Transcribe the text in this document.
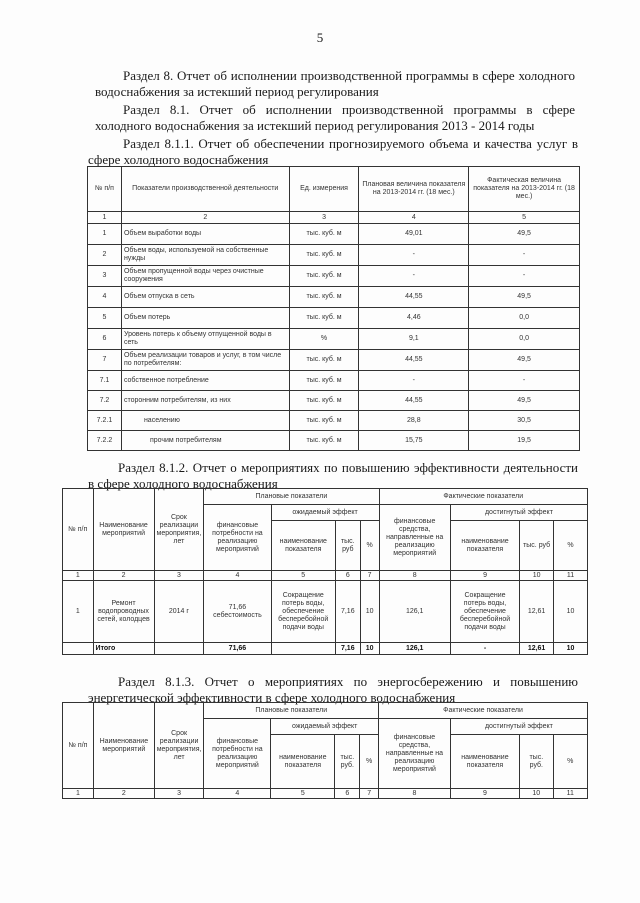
5

Раздел 8. Отчет об исполнении производственной программы в сфере холодного водоснабжения за истекший период регулирования

Раздел 8.1. Отчет об исполнении производственной программы в сфере холодного водоснабжения за истекший период регулирования 2013 - 2014 годы

Раздел 8.1.1. Отчет об обеспечении прогнозируемого объема и качества услуг в сфере холодного водоснабжения

№ п/п	Показатели производственной деятельности	Ед. измерения	Плановая величина показателя на 2013-2014 гг. (18 мес.)	Фактическая величина показателя на 2013-2014 гг. (18 мес.)
1	2	3	4	5
1	Объем выработки воды	тыс. куб. м	49,01	49,5
2	Объем воды, используемой на собственные нужды	тыс. куб. м	-	-
3	Объем пропущенной воды через очистные сооружения	тыс. куб. м	-	-
4	Объем отпуска в сеть	тыс. куб. м	44,55	49,5
5	Объем потерь	тыс. куб. м	4,46	0,0
6	Уровень потерь к объему отпущенной воды в сеть	%	9,1	0,0
7	Объем реализации товаров и услуг, в том числе по потребителям:	тыс. куб. м	44,55	49,5
7.1	собственное потребление	тыс. куб. м	-	-
7.2	сторонним потребителям, из них	тыс. куб. м	44,55	49,5
7.2.1	населению	тыс. куб. м	28,8	30,5
7.2.2	прочим потребителям	тыс. куб. м	15,75	19,5

Раздел 8.1.2. Отчет о мероприятиях по повышению эффективности деятельности в сфере холодного водоснабжения

№ п/п	Наименование мероприятий	Срок реализации мероприятия, лет	Плановые показатели				Фактические показатели			
			финансовые потребности на реализацию мероприятий	ожидаемый эффект			финансовые средства, направленные на реализацию мероприятий	достигнутый эффект		
				наименование показателя	тыс. руб	%		наименование показателя	тыс. руб	%
1	2	3	4	5	6	7	8	9	10	11
1	Ремонт водопроводных сетей, колодцев	2014 г	71,66 себестоимость	Сокращение потерь воды, обеспечение бесперебойной подачи воды	7,16	10	126,1	Сокращение потерь воды, обеспечение бесперебойной подачи воды	12,61	10
	Итого		71,66		7,16	10	126,1	-	12,61	10

Раздел 8.1.3. Отчет о мероприятиях по энергосбережению и повышению энергетической эффективности в сфере холодного водоснабжения

№ п/п	Наименование мероприятий	Срок реализации мероприятия, лет	Плановые показатели				Фактические показатели			
			финансовые потребности на реализацию мероприятий	ожидаемый эффект			финансовые средства, направленные на реализацию мероприятий	достигнутый эффект		
				наименование показателя	тыс. руб.	%		наименование показателя	тыс. руб.	%
1	2	3	4	5	6	7	8	9	10	11
